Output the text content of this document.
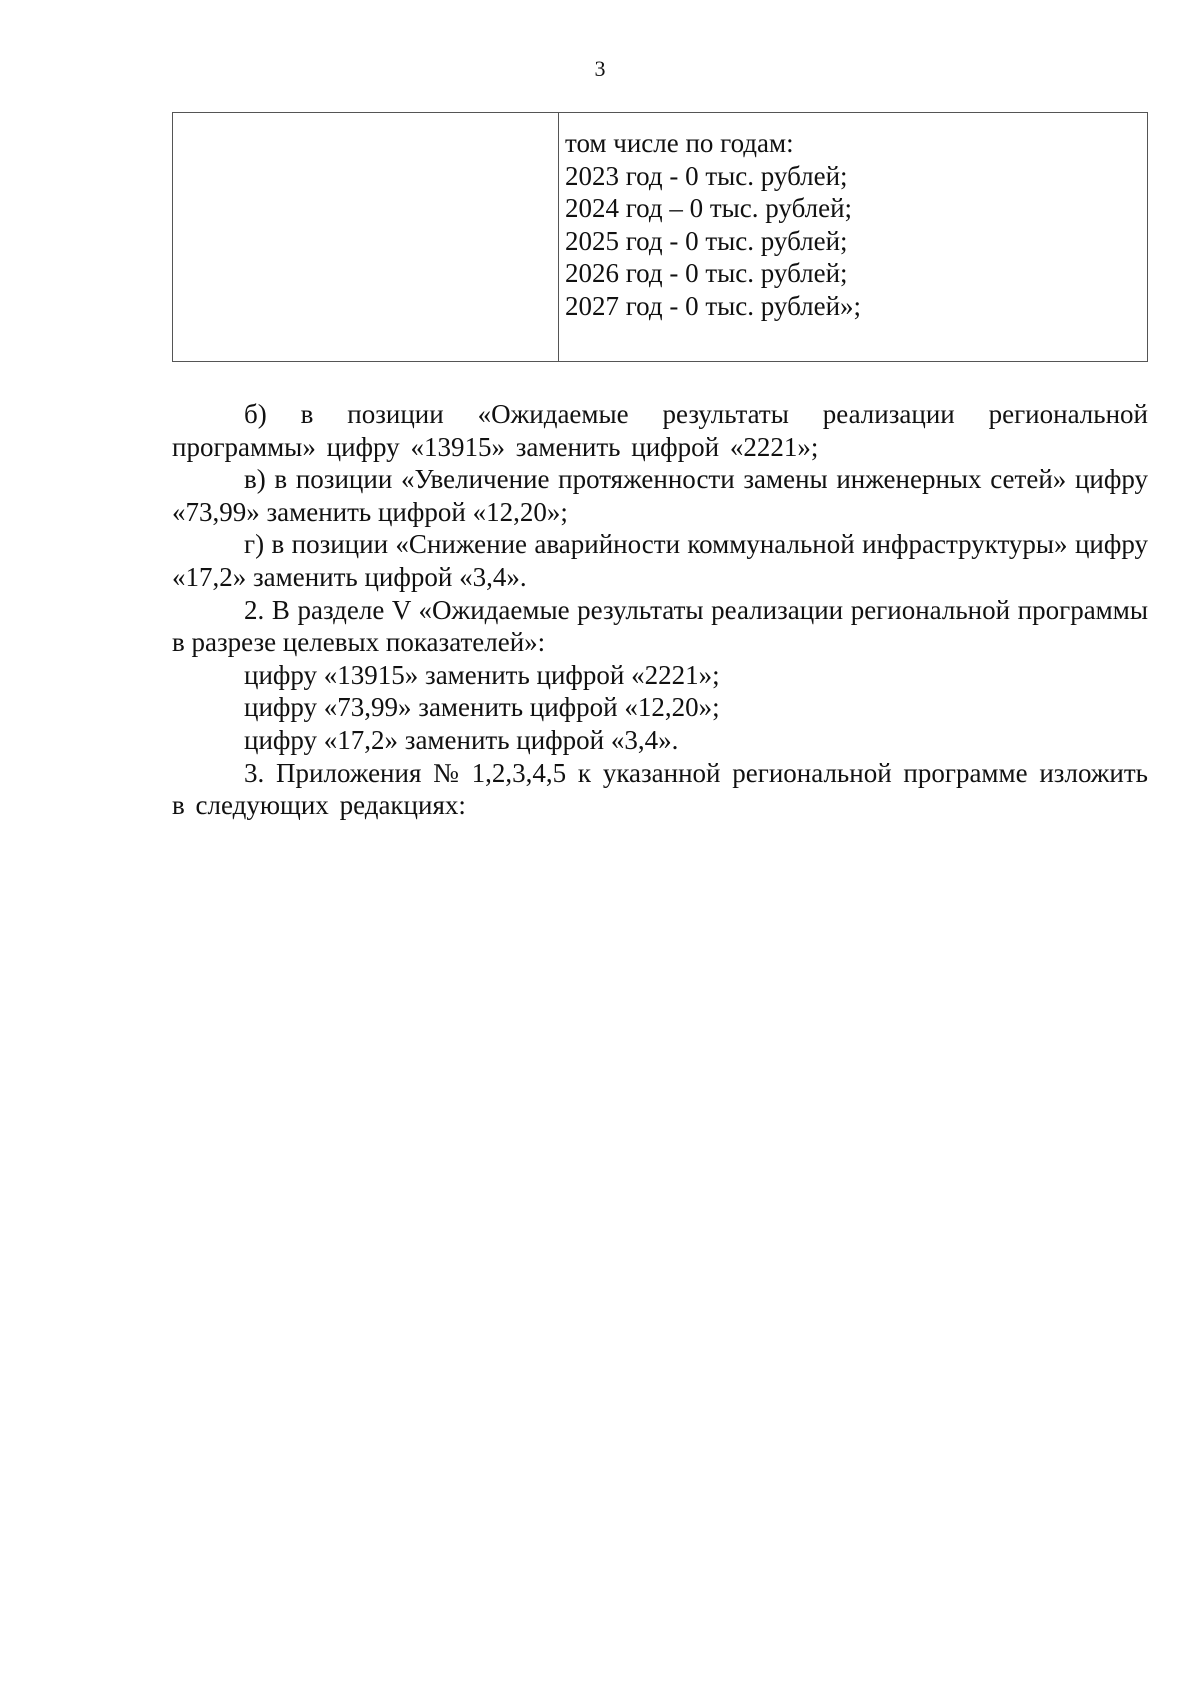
3
том числе по годам:
2023 год - 0 тыс. рублей;
2024 год – 0 тыс. рублей;
2025 год - 0 тыс. рублей;
2026 год - 0 тыс. рублей;
2027 год - 0 тыс. рублей»;

б) в позиции «Ожидаемые результаты реализации региональной программы» цифру «13915» заменить цифрой «2221»;

в) в позиции «Увеличение протяженности замены инженерных сетей» цифру «73,99» заменить цифрой «12,20»;

г) в позиции «Снижение аварийности коммунальной инфраструктуры» цифру «17,2» заменить цифрой «3,4».

2. В разделе V «Ожидаемые результаты реализации региональной программы в разрезе целевых показателей»:

цифру «13915» заменить цифрой «2221»;

цифру «73,99» заменить цифрой «12,20»;

цифру «17,2» заменить цифрой «3,4».

3. Приложения № 1,2,3,4,5 к указанной региональной программе изложить в следующих редакциях:
